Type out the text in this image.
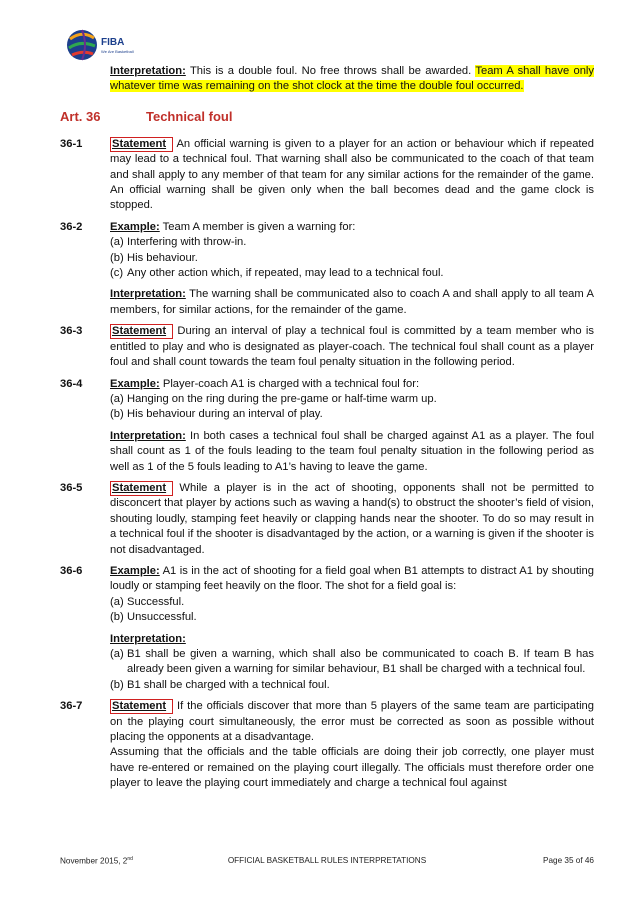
FIBA
We Are Basketball
Interpretation: This is a double foul. No free throws shall be awarded. Team A shall have only whatever time was remaining on the shot clock at the time the double foul occurred.
Art. 36	Technical foul
36-1	Statement An official warning is given to a player for an action or behaviour which if repeated may lead to a technical foul. That warning shall also be communicated to the coach of that team and shall apply to any member of that team for any similar actions for the remainder of the game. An official warning shall be given only when the ball becomes dead and the game clock is stopped.
36-2 Example: Team A member is given a warning for:
(a) Interfering with throw-in.
(b) His behaviour.
(c) Any other action which, if repeated, may lead to a technical foul.
Interpretation: The warning shall be communicated also to coach A and shall apply to all team A members, for similar actions, for the remainder of the game.
36-3	Statement During an interval of play a technical foul is committed by a team member who is entitled to play and who is designated as player-coach. The technical foul shall count as a player foul and shall count towards the team foul penalty situation in the following period.
36-4 Example: Player-coach A1 is charged with a technical foul for:
(a) Hanging on the ring during the pre-game or half-time warm up.
(b) His behaviour during an interval of play.
Interpretation: In both cases a technical foul shall be charged against A1 as a player. The foul shall count as 1 of the fouls leading to the team foul penalty situation in the following period as well as 1 of the 5 fouls leading to A1’s having to leave the game.
36-5	Statement While a player is in the act of shooting, opponents shall not be permitted to disconcert that player by actions such as waving a hand(s) to obstruct the shooter’s field of vision, shouting loudly, stamping feet heavily or clapping hands near the shooter. To do so may result in a technical foul if the shooter is disadvantaged by the action, or a warning is given if the shooter is not disadvantaged.
36-6 Example: A1 is in the act of shooting for a field goal when B1 attempts to distract A1 by shouting loudly or stamping feet heavily on the floor. The shot for a field goal is:
(a) Successful.
(b) Unsuccessful.
Interpretation:
(a) B1 shall be given a warning, which shall also be communicated to coach B. If team B has already been given a warning for similar behaviour, B1 shall be charged with a technical foul.
(b) B1 shall be charged with a technical foul.
36-7	Statement If the officials discover that more than 5 players of the same team are participating on the playing court simultaneously, the error must be corrected as soon as possible without placing the opponents at a disadvantage.
Assuming that the officials and the table officials are doing their job correctly, one player must have re-entered or remained on the playing court illegally. The officials must therefore order one player to leave the playing court immediately and charge a technical foul against
November 2015, 2nd	OFFICIAL BASKETBALL RULES INTERPRETATIONS	Page 35 of 46
